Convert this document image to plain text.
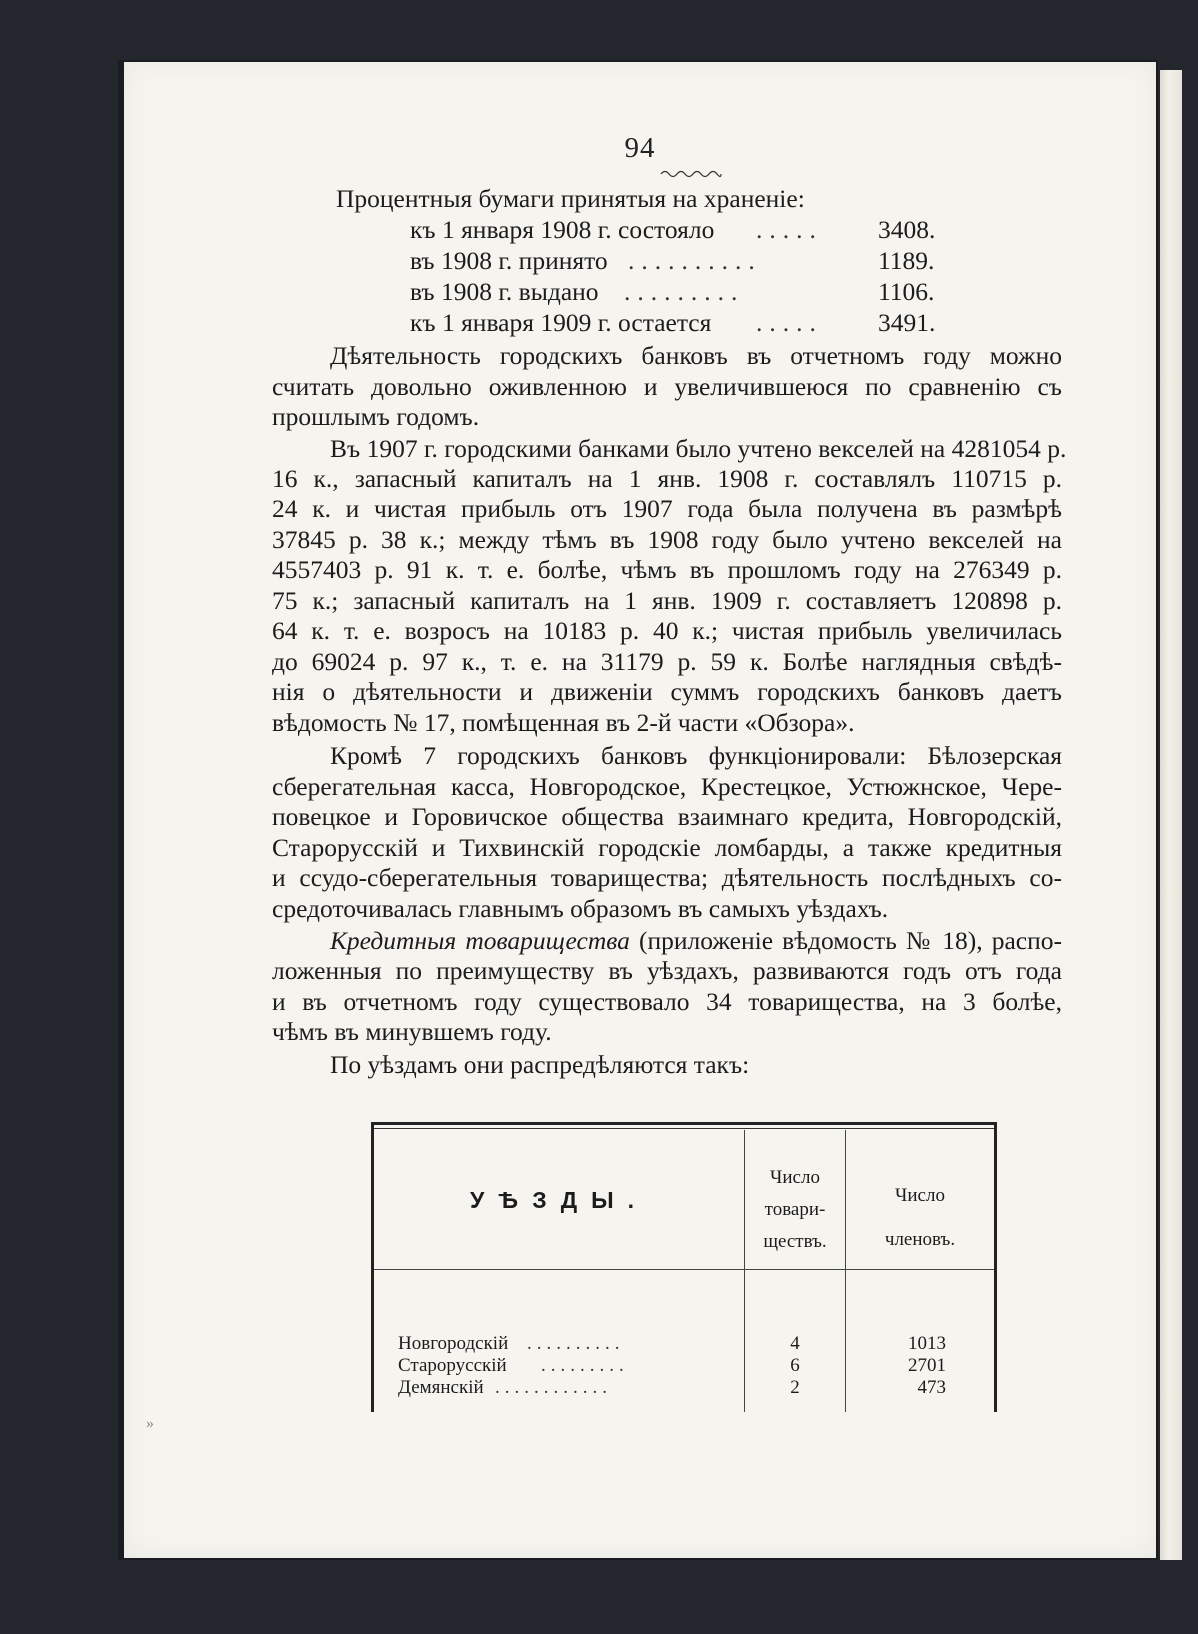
94
Процентныя бумаги принятыя на храненіе:
къ 1 января 1908 г. состояло ..... 3408.
въ 1908 г. принято ..........	1189.
въ 1908 г. выдано .........	1106.
къ 1 января 1909 г. остается ..... 3491.
Дѣятельность городскихъ банковъ въ отчетномъ году можно
считать довольно оживленною и увеличившеюся по сравненію съ
прошлымъ годомъ.
Въ 1907 г. городскими банками было учтено векселей на 4281054 р.
16 к., запасный капиталъ на 1 янв. 1908 г. составлялъ 110715 р.
24 к. и чистая прибыль отъ 1907 года была получена въ размѣрѣ
37845 р. 38 к.; между тѣмъ въ 1908 году было учтено векселей на
4557403 р. 91 к. т. е. болѣе, чѣмъ въ прошломъ году на 276349 р.
75 к.; запасный капиталъ на 1 янв. 1909 г. составляетъ 120898 р.
64 к. т. е. возросъ на 10183 р. 40 к.; чистая прибыль увеличилась
до 69024 р. 97 к., т. е. на 31179 р. 59 к. Болѣе наглядныя свѣдѣ-
нія о дѣятельности и движеніи суммъ городскихъ банковъ даетъ
вѣдомость № 17, помѣщенная въ 2-й части «Обзора».
Кромѣ 7 городскихъ банковъ функціонировали: Бѣлозерская
сберегательная касса, Новгородское, Крестецкое, Устюжнское, Чере-
повецкое и Горовичское общества взаимнаго кредита, Новгородскій,
Старорусскій и Тихвинскій городскіе ломбарды, а также кредитныя
и ссудо-сберегательныя товарищества; дѣятельность послѣдныхъ со-
средоточивалась главнымъ образомъ въ самыхъ уѣздахъ.
Кредитныя товарищества (приложеніе вѣдомость № 18), распо-
ложенныя по преимуществу въ уѣздахъ, развиваются годъ отъ года
и въ отчетномъ году существовало 34 товарищества, на 3 болѣе,
чѣмъ въ минувшемъ году.
По уѣздамъ они распредѣляются такъ:
УѢЗДЫ.
Число
товари-
ществъ.
Число
членовъ.
Новгородскій ..........	4	1013
Старорусскій .........	6	2701
Демянскій ............	2	473
»
